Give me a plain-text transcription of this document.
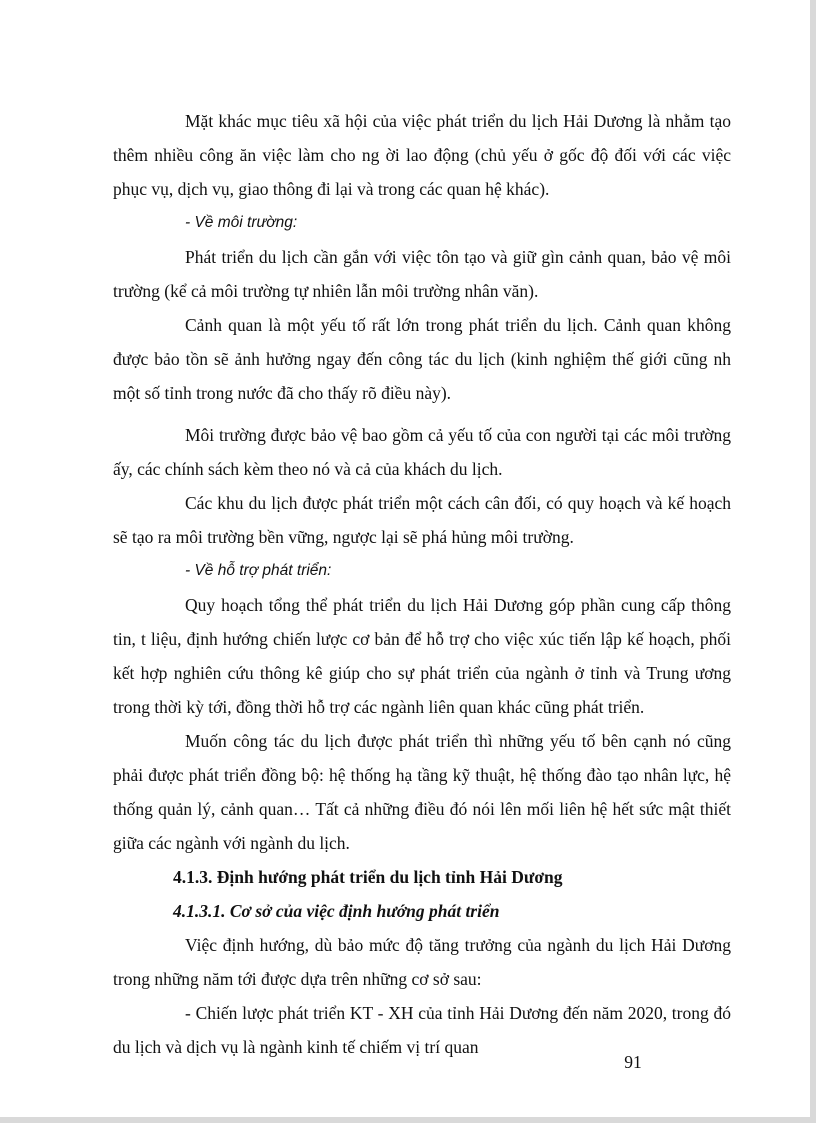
Mặt khác mục tiêu xã hội của việc phát triển du lịch Hải Dương là nhằm tạo thêm nhiều công ăn việc làm cho ng ời lao động (chủ yếu ở gốc độ đối với các việc phục vụ, dịch vụ, giao thông đi lại và trong các quan hệ khác).

- Về môi trường:

Phát triển du lịch cần gắn với việc tôn tạo và giữ gìn cảnh quan, bảo vệ môi trường (kể cả môi trường tự nhiên lẫn môi trường nhân văn).

Cảnh quan là một yếu tố rất lớn trong phát triển du lịch. Cảnh quan không được bảo tồn sẽ ảnh hưởng ngay đến công tác du lịch (kinh nghiệm thế giới cũng nh một số tỉnh trong nước đã cho thấy rõ điều này).

Môi trường được bảo vệ bao gồm cả yếu tố của con người tại các môi trường ấy, các chính sách kèm theo nó và cả của khách du lịch.

Các khu du lịch được phát triển một cách cân đối, có quy hoạch và kế hoạch sẽ tạo ra môi trường bền vững, ngược lại sẽ phá hủng môi trường.

- Về hỗ trợ phát triển:

Quy hoạch tổng thể phát triển du lịch Hải Dương góp phần cung cấp thông tin, t liệu, định hướng chiến lược cơ bản để hỗ trợ cho việc xúc tiến lập kế hoạch, phối kết hợp nghiên cứu thông kê giúp cho sự phát triển của ngành ở tỉnh và Trung ương trong thời kỳ tới, đồng thời hỗ trợ các ngành liên quan khác cũng phát triển.

Muốn công tác du lịch được phát triển thì những yếu tố bên cạnh nó cũng phải được phát triển đồng bộ: hệ thống hạ tầng kỹ thuật, hệ thống đào tạo nhân lực, hệ thống quản lý, cảnh quan… Tất cả những điều đó nói lên mối liên hệ hết sức mật thiết giữa các ngành với ngành du lịch.

4.1.3. Định hướng phát triển du lịch tỉnh Hải Dương

4.1.3.1. Cơ sở của việc định hướng phát triển

Việc định hướng, dù bảo mức độ tăng trưởng của ngành du lịch Hải Dương trong những năm tới được dựa trên những cơ sở sau:

- Chiến lược phát triển KT - XH của tỉnh Hải Dương đến năm 2020, trong đó du lịch và dịch vụ là ngành kinh tế chiếm vị trí quan

91
